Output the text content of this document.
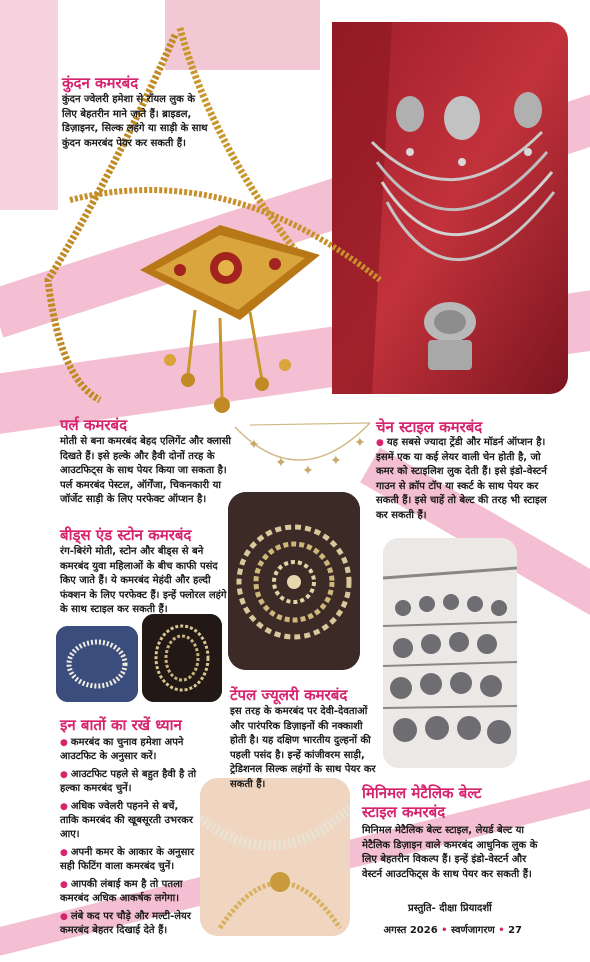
✦
✦ ✦
✦
✦
कुंदन कमरबंद
कुंदन ज्वेलरी हमेशा से रॉयल लुक के लिए बेहतरीन माने जाते हैं। ब्राइडल, डिज़ाइनर, सिल्क लहंगे या साड़ी के साथ कुंदन कमरबंद पेयर कर सकती हैं।
पर्ल कमरबंद
मोती से बना कमरबंद बेहद एलिगेंट और क्लासी दिखते हैं। इसे हल्के और हैवी दोनों तरह के आउटफिट्स के साथ पेयर किया जा सकता है। पर्ल कमरबंद पेस्टल, ऑर्गेंजा, चिकनकारी या जॉर्जेट साड़ी के लिए परफेक्ट ऑप्शन है।
चेन स्टाइल कमरबंद
● यह सबसे ज्यादा ट्रेंडी और मॉडर्न ऑप्शन है। इसमें एक या कई लेयर वाली चेन होती है, जो कमर को स्टाइलिश लुक देती हैं। इसे इंडो-वेस्टर्न गाउन से क्रॉप टॉप या स्कर्ट के साथ पेयर कर सकती हैं। इसे चाहें तो बेल्ट की तरह भी स्टाइल कर सकती हैं।
बीड्स एंड स्टोन कमरबंद
रंग-बिरंगे मोती, स्टोन और बीड्स से बने कमरबंद युवा महिलाओं के बीच काफी पसंद किए जाते हैं। ये कमरबंद मेहंदी और हल्दी फंक्शन के लिए परफेक्ट हैं। इन्हें फ्लोरल लहंगे के साथ स्टाइल कर सकती हैं।
टेंपल ज्यूलरी कमरबंद
इस तरह के कमरबंद पर देवी-देवताओं और पारंपरिक डिज़ाइनों की नक्काशी होती है। यह दक्षिण भारतीय दुल्हनों की पहली पसंद है। इन्हें कांजीवरम साड़ी, ट्रेडिशनल सिल्क लहंगों के साथ पेयर कर सकती हैं।
इन बातों का रखें ध्यान
● कमरबंद का चुनाव हमेशा अपने आउटफिट के अनुसार करें।
● आउटफिट पहले से बहुत हैवी है तो हल्का कमरबंद चुनें।
● अधिक ज्वेलरी पहनने से बचें, ताकि कमरबंद की खूबसूरती उभरकर आए।
● अपनी कमर के आकार के अनुसार सही फिटिंग वाला कमरबंद चुनें।
● आपकी लंबाई कम है तो पतला कमरबंद अधिक आकर्षक लगेगा।
● लंबे कद पर चौड़े और मल्टी-लेयर कमरबंद बेहतर दिखाई देते हैं।
मिनिमल मेटैलिक बेल्ट
स्टाइल कमरबंद
मिनिमल मेटैलिक बेल्ट स्टाइल, लेयर्ड बेल्ट या मेटैलिक डिज़ाइन वाले कमरबंद आधुनिक लुक के लिए बेहतरीन विकल्प हैं। इन्हें इंडो-वेस्टर्न और वेस्टर्न आउटफिट्स के साथ पेयर कर सकती हैं।
प्रस्तुति- दीक्षा प्रियादर्शी
अगस्त 2026 • स्वर्णजागरण • 27
